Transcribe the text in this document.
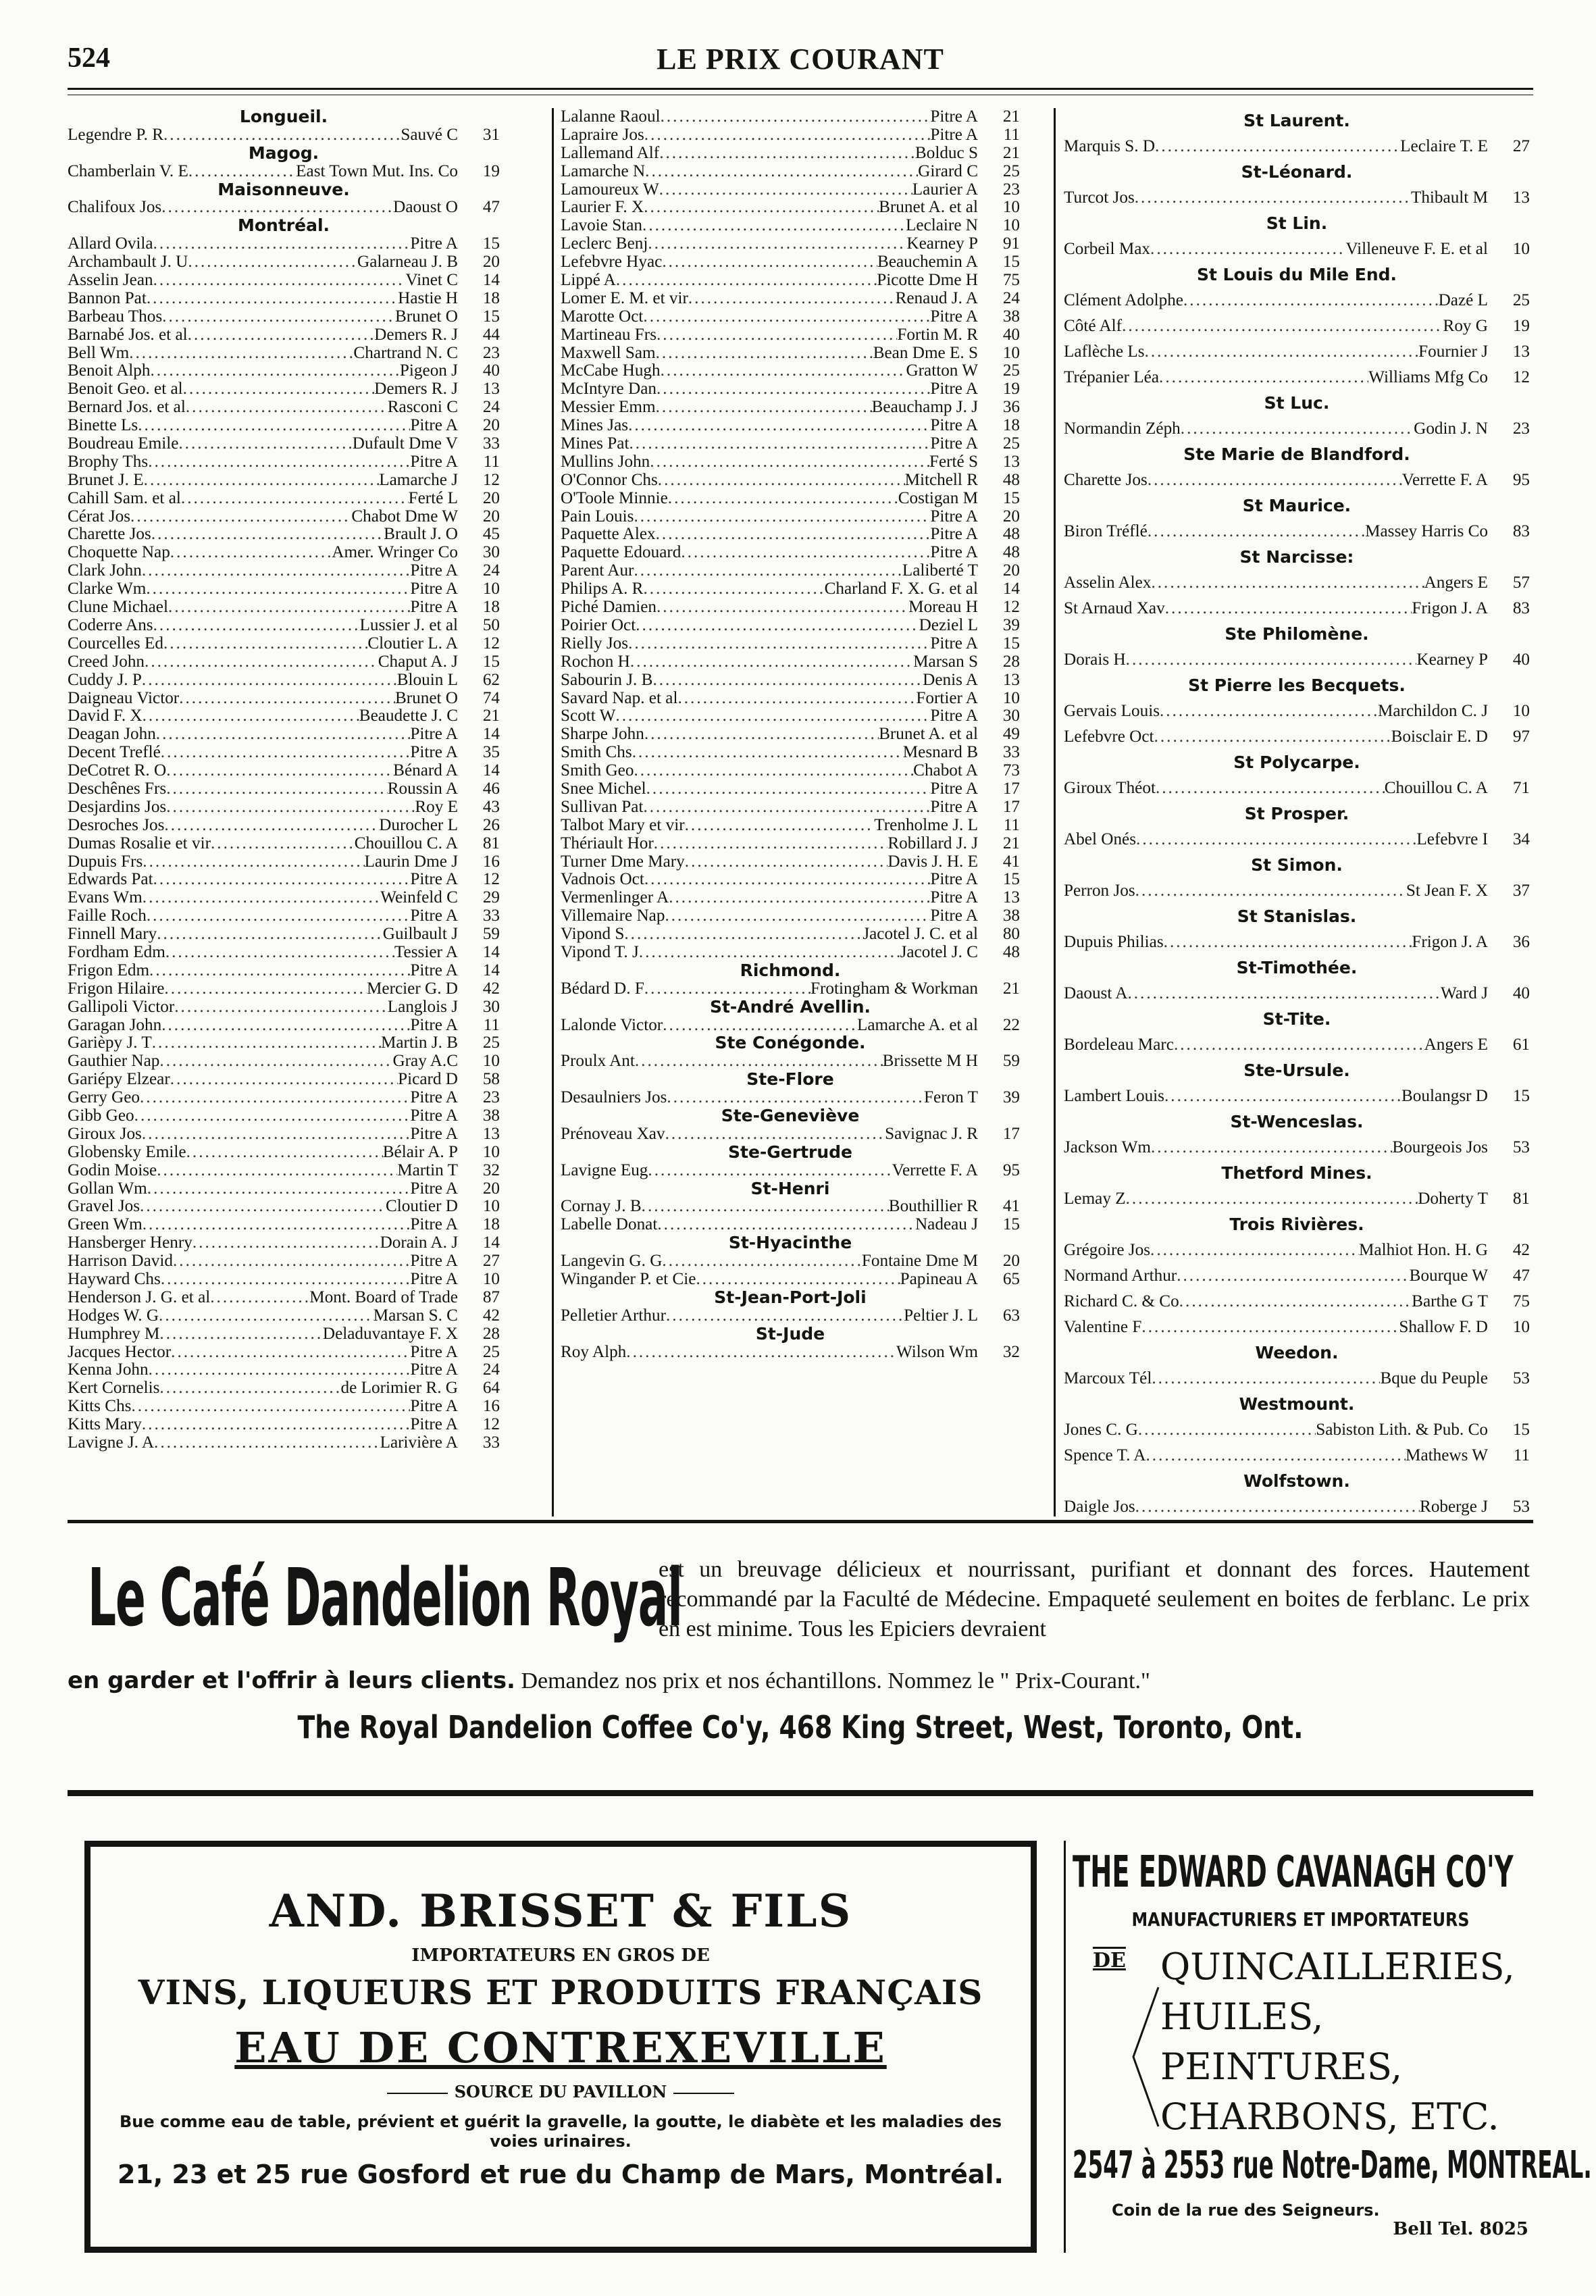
524	LE PRIX COURANT
Longueil.
Legendre P. R .....	Sauvé C	31
Magog.
Chamberlain V. E .....	East Town Mut. Ins. Co	19
Maisonneuve.
Chalifoux Jos .....	Daoust O	47
Montréal.
Allard Ovila .....	Pitre A	15
Archambault J. U .....	Galarneau J. B	20
Asselin Jean .....	Vinet C	14
Bannon Pat .....	Hastie H	18
Barbeau Thos .....	Brunet O	15
Barnabé Jos. et al .....	Demers R. J	44
Bell Wm .....	Chartrand N. C	23
Benoit Alph .....	Pigeon J	40
Benoit Geo. et al .....	Demers R. J	13
Bernard Jos. et al .....	Rasconi C	24
Binette Ls .....	Pitre A	20
Boudreau Emile .....	Dufault Dme V	33
Brophy Ths .....	Pitre A	11
Brunet J. E .....	Lamarche J	12
Cahill Sam. et al .....	Ferté L	20
Cérat Jos .....	Chabot Dme W	20
Charette Jos .....	Brault J. O	45
Choquette Nap .....	Amer. Wringer Co	30
Clark John .....	Pitre A	24
Clarke Wm .....	Pitre A	10
Clune Michael .....	Pitre A	18
Coderre Ans .....	Lussier J. et al	50
Courcelles Ed .....	Cloutier L. A	12
Creed John .....	Chaput A. J	15
Cuddy J. P .....	Blouin L	62
Daigneau Victor .....	Brunet O	74
David F. X .....	Beaudette J. C	21
Deagan John .....	Pitre A	14
Decent Treflé .....	Pitre A	35
DeCotret R. O .....	Bénard A	14
Deschênes Frs .....	Roussin A	46
Desjardins Jos .....	Roy E	43
Desroches Jos .....	Durocher L	26
Dumas Rosalie et vir .....	Chouillou C. A	81
Dupuis Frs .....	Laurin Dme J	16
Edwards Pat .....	Pitre A	12
Evans Wm .....	Weinfeld C	29
Faille Roch .....	Pitre A	33
Finnell Mary .....	Guilbault J	59
Fordham Edm .....	Tessier A	14
Frigon Edm .....	Pitre A	14
Frigon Hilaire .....	Mercier G. D	42
Gallipoli Victor .....	Langlois J	30
Garagan John .....	Pitre A	11
Garièpy J. T .....	Martin J. B	25
Gauthier Nap .....	Gray A.C	10
Gariépy Elzear .....	Picard D	58
Gerry Geo .....	Pitre A	23
Gibb Geo .....	Pitre A	38
Giroux Jos .....	Pitre A	13
Globensky Emile .....	Bélair A. P	10
Godin Moise .....	Martin T	32
Gollan Wm .....	Pitre A	20
Gravel Jos .....	Cloutier D	10
Green Wm .....	Pitre A	18
Hansberger Henry .....	Dorain A. J	14
Harrison David .....	Pitre A	27
Hayward Chs .....	Pitre A	10
Henderson J. G. et al .....	Mont. Board of Trade	87
Hodges W. G .....	Marsan S. C	42
Humphrey M .....	Deladuvantaye F. X	28
Jacques Hector .....	Pitre A	25
Kenna John .....	Pitre A	24
Kert Cornelis .....	de Lorimier R. G	64
Kitts Chs .....	Pitre A	16
Kitts Mary .....	Pitre A	12
Lavigne J. A .....	Larivière A	33
Lalanne Raoul .....	Pitre A	21
Lapraire Jos .....	Pitre A	11
Lallemand Alf .....	Bolduc S	21
Lamarche N .....	Girard C	25
Lamoureux W .....	Laurier A	23
Laurier F. X .....	Brunet A. et al	10
Lavoie Stan .....	Leclaire N	10
Leclerc Benj .....	Kearney P	91
Lefebvre Hyac .....	Beauchemin A	15
Lippé A .....	Picotte Dme H	75
Lomer E. M. et vir .....	Renaud J. A	24
Marotte Oct .....	Pitre A	38
Martineau Frs .....	Fortin M. R	40
Maxwell Sam .....	Bean Dme E. S	10
McCabe Hugh .....	Gratton W	25
McIntyre Dan .....	Pitre A	19
Messier Emm .....	Beauchamp J. J	36
Mines Jas .....	Pitre A	18
Mines Pat .....	Pitre A	25
Mullins John .....	Ferté S	13
O'Connor Chs .....	Mitchell R	48
O'Toole Minnie .....	Costigan M	15
Pain Louis .....	Pitre A	20
Paquette Alex .....	Pitre A	48
Paquette Edouard .....	Pitre A	48
Parent Aur .....	Laliberté T	20
Philips A. R .....	Charland F. X. G. et al	14
Piché Damien .....	Moreau H	12
Poirier Oct .....	Deziel L	39
Rielly Jos .....	Pitre A	15
Rochon H .....	Marsan S	28
Sabourin J. B .....	Denis A	13
Savard Nap. et al .....	Fortier A	10
Scott W .....	Pitre A	30
Sharpe John .....	Brunet A. et al	49
Smith Chs .....	Mesnard B	33
Smith Geo .....	Chabot A	73
Snee Michel .....	Pitre A	17
Sullivan Pat .....	Pitre A	17
Talbot Mary et vir .....	Trenholme J. L	11
Thériault Hor .....	Robillard J. J	21
Turner Dme Mary .....	Davis J. H. E	41
Vadnois Oct .....	Pitre A	15
Vermenlinger A .....	Pitre A	13
Villemaire Nap .....	Pitre A	38
Vipond S .....	Jacotel J. C. et al	80
Vipond T. J .....	Jacotel J. C	48
Richmond.
Bédard D. F .....	Frotingham & Workman	21
St-André Avellin.
Lalonde Victor .....	Lamarche A. et al	22
Ste Conégonde.
Proulx Ant .....	Brissette M H	59
Ste-Flore
Desaulniers Jos .....	Feron T	39
Ste-Geneviève
Prénoveau Xav .....	Savignac J. R	17
Ste-Gertrude
Lavigne Eug .....	Verrette F. A	95
St-Henri
Cornay J. B .....	Bouthillier R	41
Labelle Donat .....	Nadeau J	15
St-Hyacinthe
Langevin G. G .....	Fontaine Dme M	20
Wingander P. et Cie .....	Papineau A	65
St-Jean-Port-Joli
Pelletier Arthur .....	Peltier J. L	63
St-Jude
Roy Alph .....	Wilson Wm	32
St Laurent.
Marquis S. D .....	Leclaire T. E	27
St-Léonard.
Turcot Jos .....	Thibault M	13
St Lin.
Corbeil Max .....	Villeneuve F. E. et al	10
St Louis du Mile End.
Clément Adolphe .....	Dazé L	25
Côté Alf .....	Roy G	19
Laflèche Ls .....	Fournier J	13
Trépanier Léa .....	Williams Mfg Co	12
St Luc.
Normandin Zéph .....	Godin J. N	23
Ste Marie de Blandford.
Charette Jos .....	Verrette F. A	95
St Maurice.
Biron Tréflé .....	Massey Harris Co	83
St Narcisse:
Asselin Alex .....	Angers E	57
St Arnaud Xav .....	Frigon J. A	83
Ste Philomène.
Dorais H .....	Kearney P	40
St Pierre les Becquets.
Gervais Louis .....	Marchildon C. J	10
Lefebvre Oct .....	Boisclair E. D	97
St Polycarpe.
Giroux Théot .....	Chouillou C. A	71
St Prosper.
Abel Onés .....	Lefebvre I	34
St Simon.
Perron Jos .....	St Jean F. X	37
St Stanislas.
Dupuis Philias .....	Frigon J. A	36
St-Timothée.
Daoust A .....	Ward J	40
St-Tite.
Bordeleau Marc .....	Angers E	61
Ste-Ursule.
Lambert Louis .....	Boulangsr D	15
St-Wenceslas.
Jackson Wm .....	Bourgeois Jos	53
Thetford Mines.
Lemay Z .....	Doherty T	81
Trois Rivières.
Grégoire Jos .....	Malhiot Hon. H. G	42
Normand Arthur .....	Bourque W	47
Richard C. & Co .....	Barthe G T	75
Valentine F .....	Shallow F. D	10
Weedon.
Marcoux Tél .....	Bque du Peuple	53
Westmount.
Jones C. G .....	Sabiston Lith. & Pub. Co	15
Spence T. A .....	Mathews W	11
Wolfstown.
Daigle Jos .....	Roberge J	53
Le Café Dandelion Royal
est un breuvage délicieux et nourrissant, purifiant et donnant des forces. Hautement recommandé par la Faculté de Médecine. Empaqueté seulement en boites de ferblanc. Le prix en est minime. Tous les Epiciers devraient
en garder et l'offrir à leurs clients. Demandez nos prix et nos échantillons. Nommez le " Prix-Courant."
The Royal Dandelion Coffee Co'y, 468 King Street, West, Toronto, Ont.
AND. BRISSET & FILS
IMPORTATEURS EN GROS DE
VINS, LIQUEURS ET PRODUITS FRANÇAIS
EAU DE CONTREXEVILLE
SOURCE DU PAVILLON
Bue comme eau de table, prévient et guérit la gravelle, la goutte, le diabète et les maladies des voies urinaires.
21, 23 et 25 rue Gosford et rue du Champ de Mars, Montréal.
THE EDWARD CAVANAGH CO'Y
MANUFACTURIERS ET IMPORTATEURS
DE QUINCAILLERIES,
HUILES,
PEINTURES,
CHARBONS, ETC.
2547 à 2553 rue Notre-Dame, MONTREAL.
Coin de la rue des Seigneurs.
Bell Tel. 8025
